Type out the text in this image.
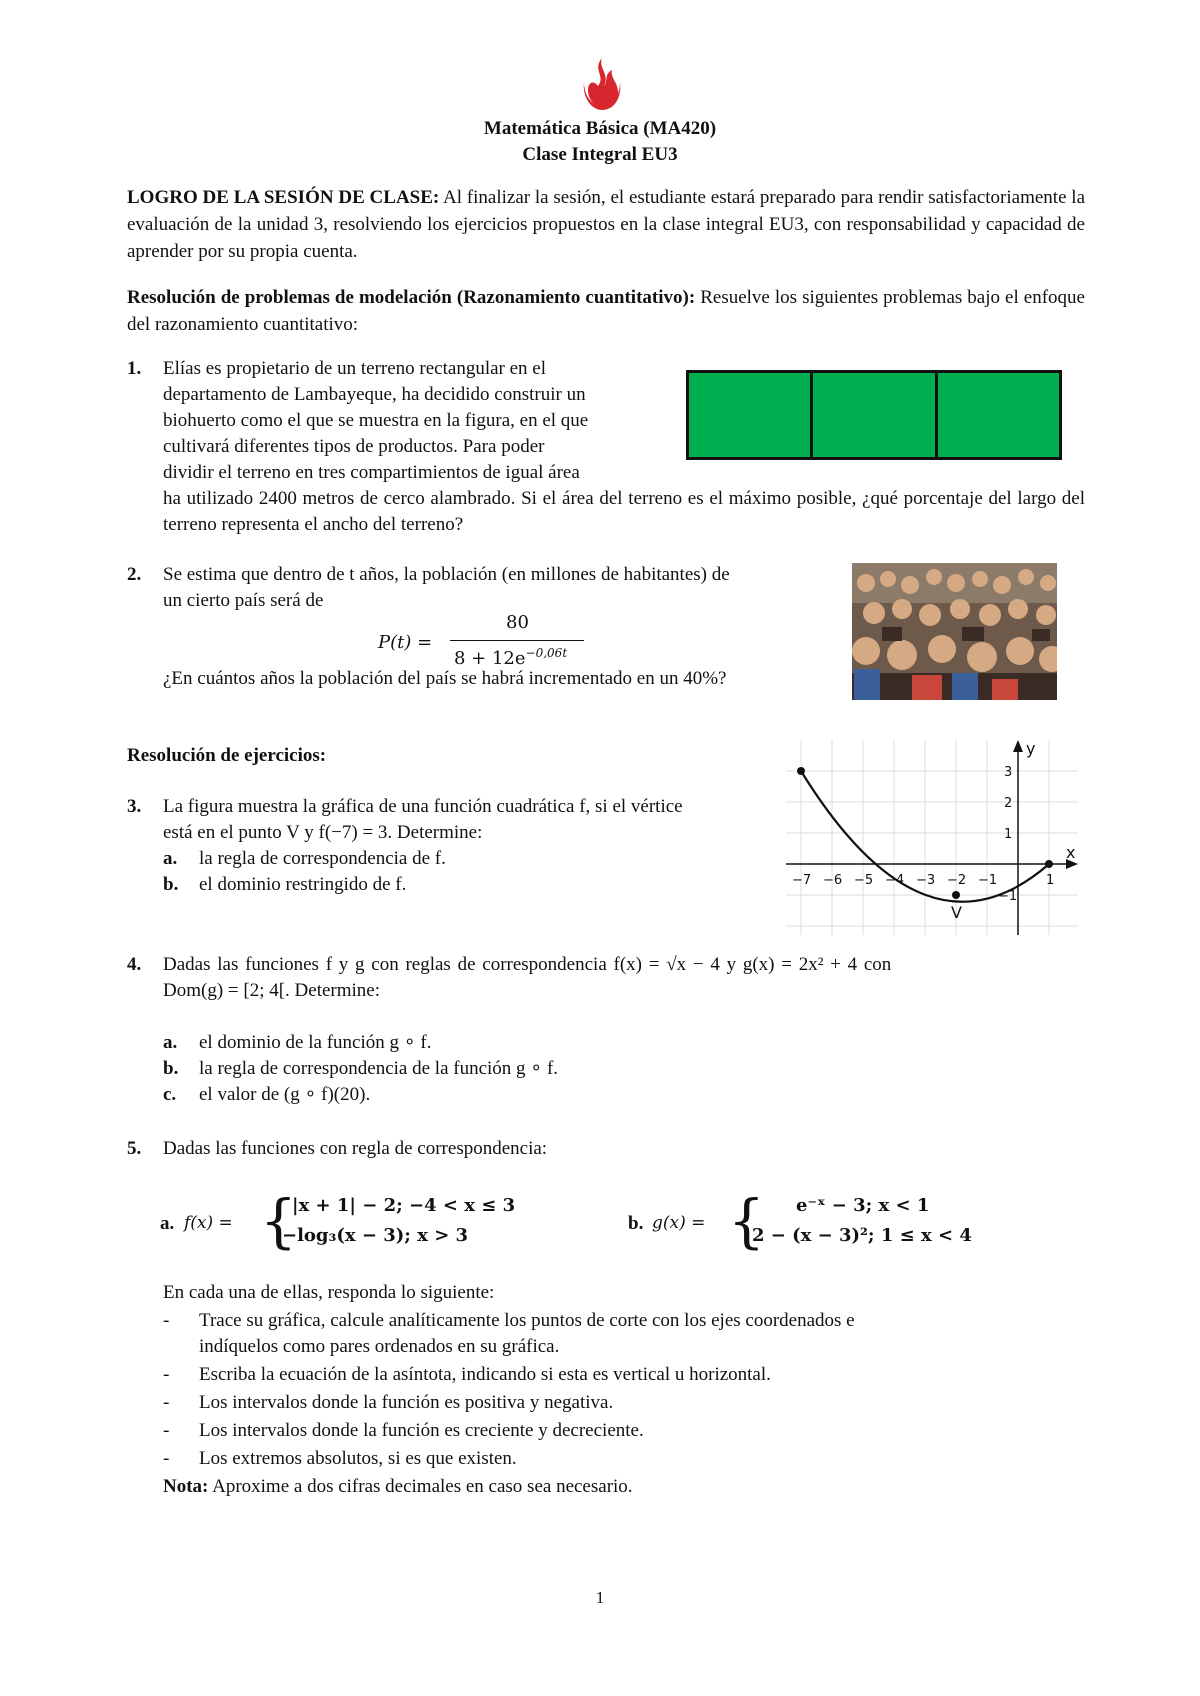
Matemática Básica (MA420)
Clase Integral EU3
LOGRO DE LA SESIÓN DE CLASE: Al finalizar la sesión, el estudiante estará preparado para rendir satisfactoriamente la evaluación de la unidad 3, resolviendo los ejercicios propuestos en la clase integral EU3, con responsabilidad y capacidad de aprender por su propia cuenta.
Resolución de problemas de modelación (Razonamiento cuantitativo): Resuelve los siguientes problemas bajo el enfoque del razonamiento cuantitativo:
1. Elías es propietario de un terreno rectangular en el
departamento de Lambayeque, ha decidido construir un
biohuerto como el que se muestra en la figura, en el que
cultivará diferentes tipos de productos. Para poder
dividir el terreno en tres compartimientos de igual área
ha utilizado 2400 metros de cerco alambrado. Si el área del terreno es el máximo posible, ¿qué porcentaje del largo del terreno representa el ancho del terreno?
2. Se estima que dentro de t años, la población (en millones de habitantes) de
un cierto país será de
P(t) =
80
$8 + 12e^{-0,06t}$
¿En cuántos años la población del país se habrá incrementado en un 40%?
Resolución de ejercicios:
3. La figura muestra la gráfica de una función cuadrática f, si el vértice
está en el punto V y f(−7) = 3. Determine:
a. la regla de correspondencia de f.
b. el dominio restringido de f.	−7 −6 −5 −4 −3 −2 −1	1
3
2
1
−1
x
y
V
4. Dadas las funciones f y g con reglas de correspondencia f(x) = √x − 4 y g(x) = 2x² + 4 con
Dom(g) = [2; 4[. Determine:
a. el dominio de la función g ∘ f.
b. la regla de correspondencia de la función g ∘ f.
c. el valor de (g ∘ f)(20).
5. Dadas las funciones con regla de correspondencia:
a. f(x) = {
|x + 1| − 2; −4 < x ≤ 3
−log₃(x − 3); x > 3
b. g(x) = { e⁻ˣ − 3; x < 1
2 − (x − 3)²; 1 ≤ x < 4
En cada una de ellas, responda lo siguiente:
- Trace su gráfica, calcule analíticamente los puntos de corte con los ejes coordenados e
indíquelos como pares ordenados en su gráfica.
- Escriba la ecuación de la asíntota, indicando si esta es vertical u horizontal.
- Los intervalos donde la función es positiva y negativa.
- Los intervalos donde la función es creciente y decreciente.
- Los extremos absolutos, si es que existen.
Nota: Aproxime a dos cifras decimales en caso sea necesario.
1
